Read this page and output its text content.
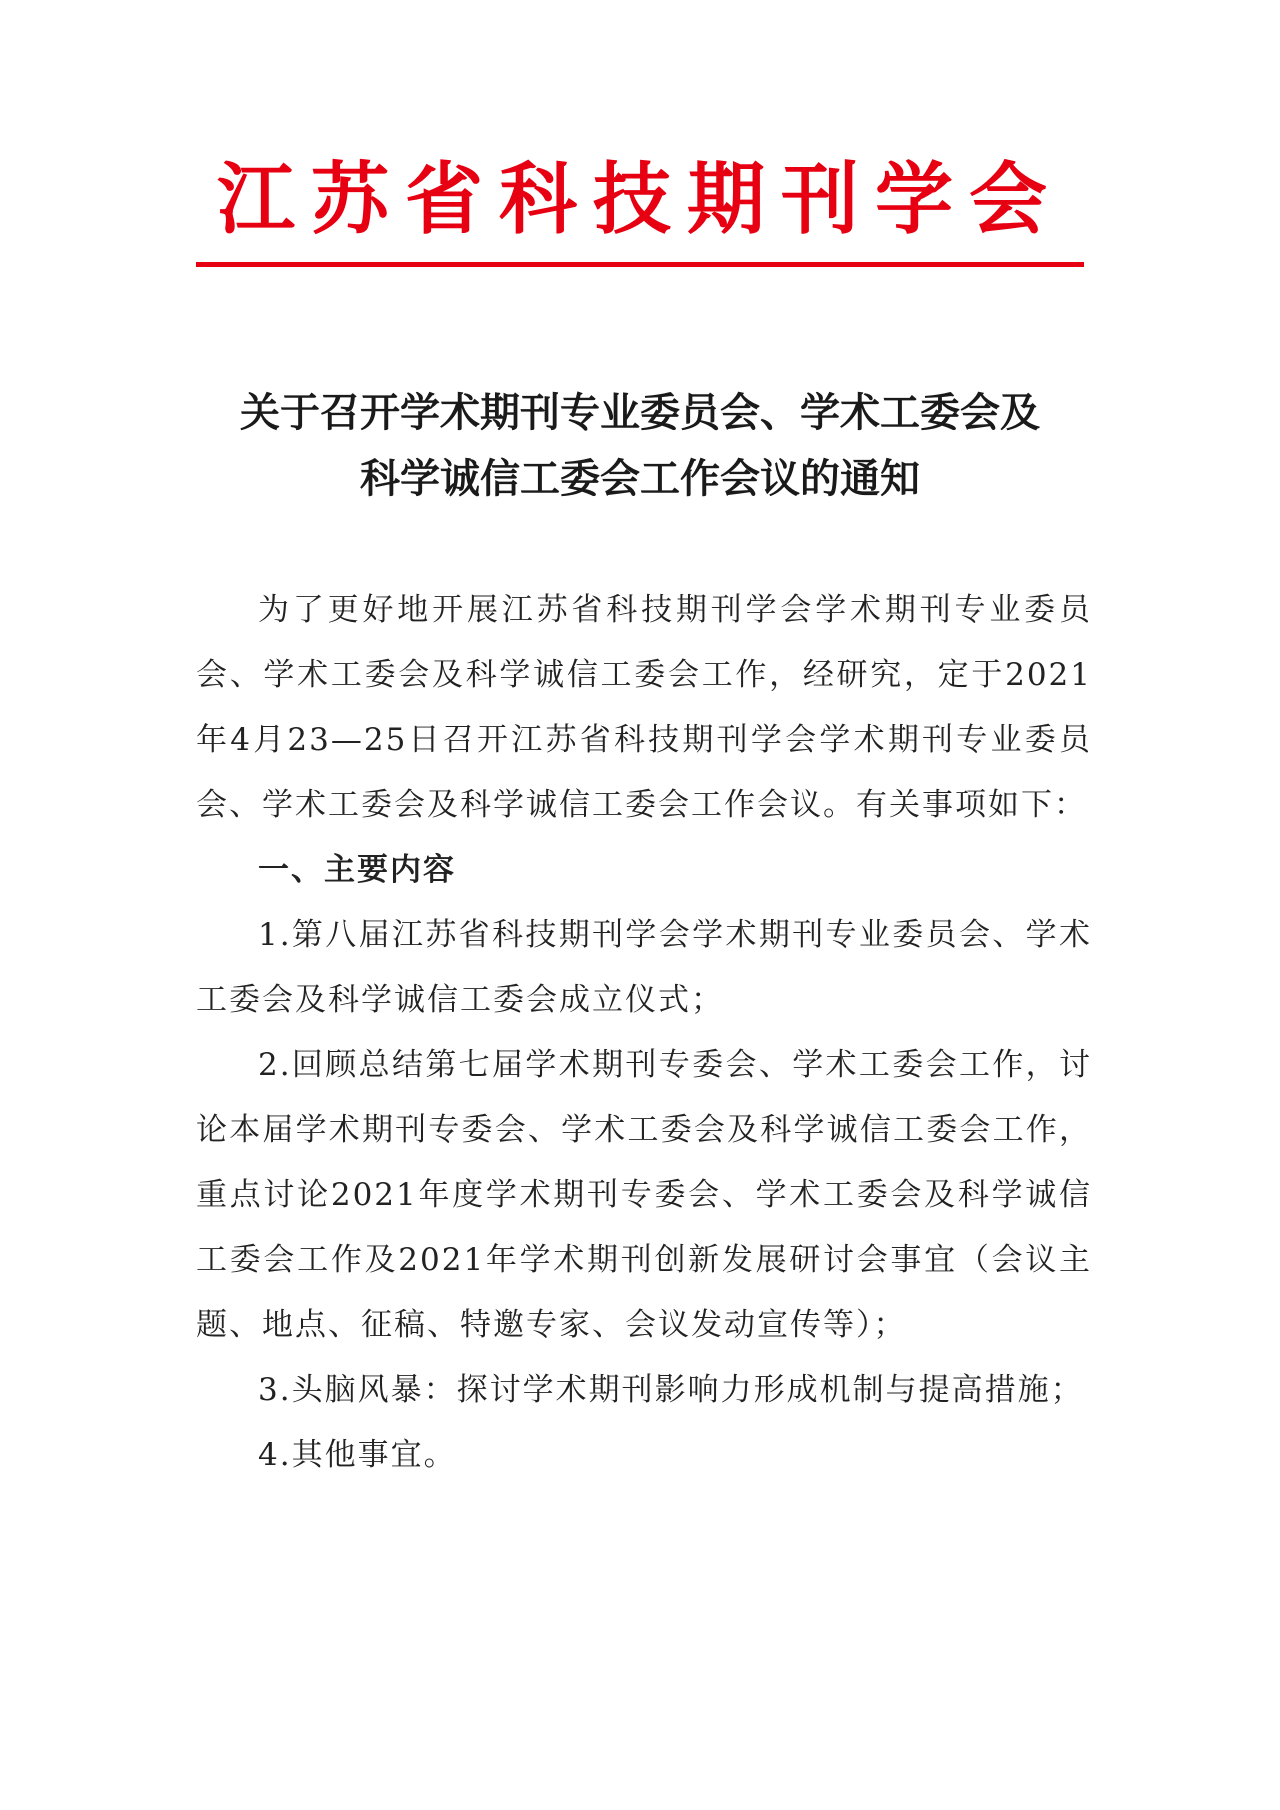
江苏省科技期刊学会
关于召开学术期刊专业委员会、学术工委会及
科学诚信工委会工作会议的通知

为了更好地开展江苏省科技期刊学会学术期刊专业委员会、学术工委会及科学诚信工委会工作，经研究，定于2021年4月23—25日召开江苏省科技期刊学会学术期刊专业委员会、学术工委会及科学诚信工委会工作会议。有关事项如下：

一、主要内容

1.第八届江苏省科技期刊学会学术期刊专业委员会、学术工委会及科学诚信工委会成立仪式；

2.回顾总结第七届学术期刊专委会、学术工委会工作，讨论本届学术期刊专委会、学术工委会及科学诚信工委会工作，重点讨论2021年度学术期刊专委会、学术工委会及科学诚信工委会工作及2021年学术期刊创新发展研讨会事宜（会议主题、地点、征稿、特邀专家、会议发动宣传等）；

3.头脑风暴：探讨学术期刊影响力形成机制与提高措施；

4.其他事宜。
